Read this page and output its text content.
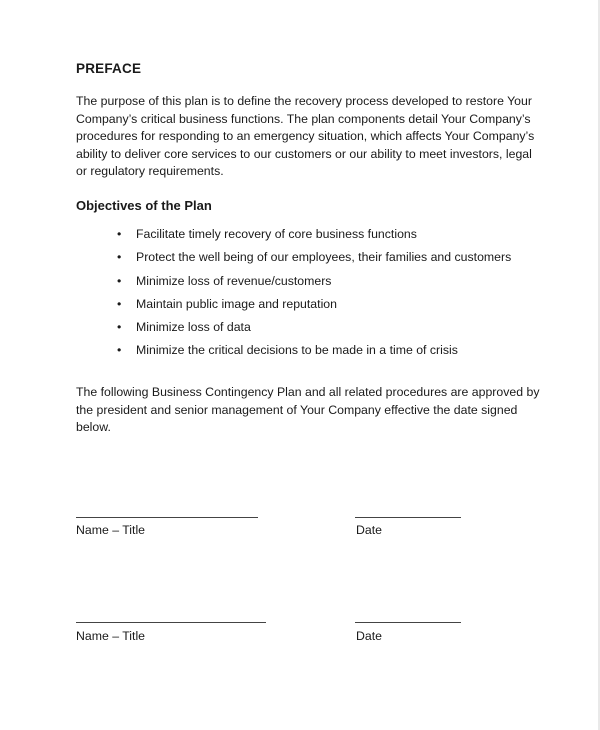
PREFACE
The purpose of this plan is to define the recovery process developed to restore Your
Company’s critical business functions. The plan components detail Your Company’s
procedures for responding to an emergency situation, which affects Your Company’s
ability to deliver core services to our customers or our ability to meet investors, legal
or regulatory requirements.
Objectives of the Plan
• Facilitate timely recovery of core business functions
• Protect the well being of our employees, their families and customers
• Minimize loss of revenue/customers
• Maintain public image and reputation
• Minimize loss of data
• Minimize the critical decisions to be made in a time of crisis
The following Business Contingency Plan and all related procedures are approved by
the president and senior management of Your Company effective the date signed
below.
Name – Title	Date
Name – Title	Date
